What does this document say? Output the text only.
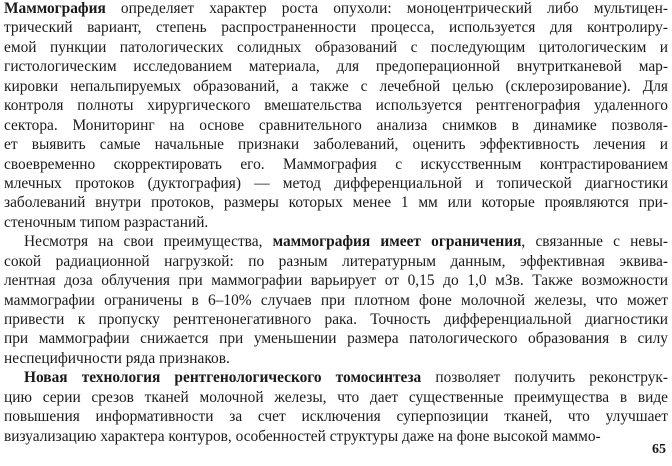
Маммография определяет характер роста опухоли: моноцентрический либо мультицен-
трический вариант, степень распространенности процесса, используется для контролиру-
емой пункции патологических солидных образований с последующим цитологическим и
гистологическим исследованием материала, для предоперационной внутритканевой мар-
кировки непальпируемых образований, а также с лечебной целью (склерозирование). Для
контроля полноты хирургического вмешательства используется рентгенография удаленного
сектора. Мониторинг на основе сравнительного анализа снимков в динамике позволя-
ет выявить самые начальные признаки заболеваний, оценить эффективность лечения и
своевременно скорректировать его. Маммография с искусственным контрастированием
млечных протоков (дуктография) — метод дифференциальной и топической диагностики
заболеваний внутри протоков, размеры которых менее 1 мм или которые проявляются при-
стеночным типом разрастаний.
Несмотря на свои преимущества, маммография имеет ограничения, связанные с невы-
сокой радиационной нагрузкой: по разным литературным данным, эффективная эквива-
лентная доза облучения при маммографии варьирует от 0,15 до 1,0 мЗв. Также возможности
маммографии ограничены в 6–10% случаев при плотном фоне молочной железы, что может
привести к пропуску рентгенонегативного рака. Точность дифференциальной диагностики
при маммографии снижается при уменьшении размера патологического образования в силу
неспецифичности ряда признаков.
Новая технология рентгенологического томосинтеза позволяет получить реконструк-
цию серии срезов тканей молочной железы, что дает существенные преимущества в виде
повышения информативности за счет исключения суперпозиции тканей, что улучшает
визуализацию характера контуров, особенностей структуры даже на фоне высокой маммо-
65
